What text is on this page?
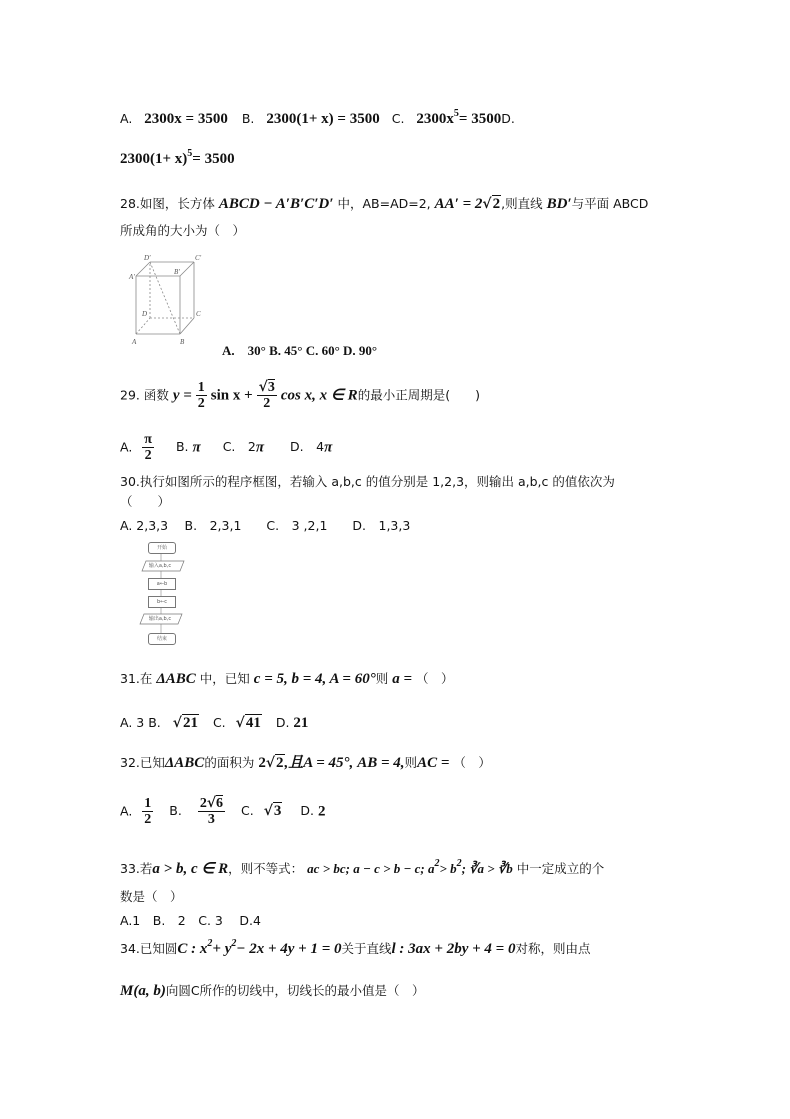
A. 2300x = 3500 B. 2300(1+ x) = 3500 C. $2300x^5= 3500D$.
$2300(1+ x)^5= 3500$
28.如图，长方体 ABCD − A′B′C′D′ 中，AB=AD=2, AA′ = 2√2,则直线 BD′与平面 ABCD
所成角的大小为（　）
D′	C′
A′
B′
D	C
A	B
A.　30° B. 45° C. 60° D. 90°
29. 函数 $y = \frac{1}{2}$ $\sin x + \frac{√3}{2}$ cos x, x ∈ R的最小正周期是(　　)
A. $\frac{\pi}{2} B$. π C.　2π D.　4π
30.执行如图所示的程序框图，若输入 a,b,c 的值分别是 1,2,3，则输出 a,b,c 的值依次为
（　　）
A. 2,3,3　 B.　2,3,1　　C.　3 ,2,1　　D.　1,3,3
开始
输入a,b,c
a←b
b←c
输出a,b,c
结束
31.在 ΔABC 中，已知 c = 5, b = 4, A = 60°则 a = （　）
A. 3 B. √21 C. √41 D. 21
32.已知ΔABC的面积为 2√2,且A = 45°, AB = 4,则AC = （　）
A. $\frac{1}{2} B$. $\frac{2√6}{3} C$. √3 D. 2
33.若a > b, c ∈ R，则不等式： ac > bc; a − c > b − c; $a^2> b^2$; ∛a > ∛b 中一定成立的个
数是（　）
A.1　B.　2　C. 3　 D.4
34.已知圆C : $x^2+ y^2- 2x + 4y + 1 = 0$关于直线l : 3ax + 2by + 4 = 0对称，则由点
M(a, b)向圆C所作的切线中，切线长的最小值是（　）
